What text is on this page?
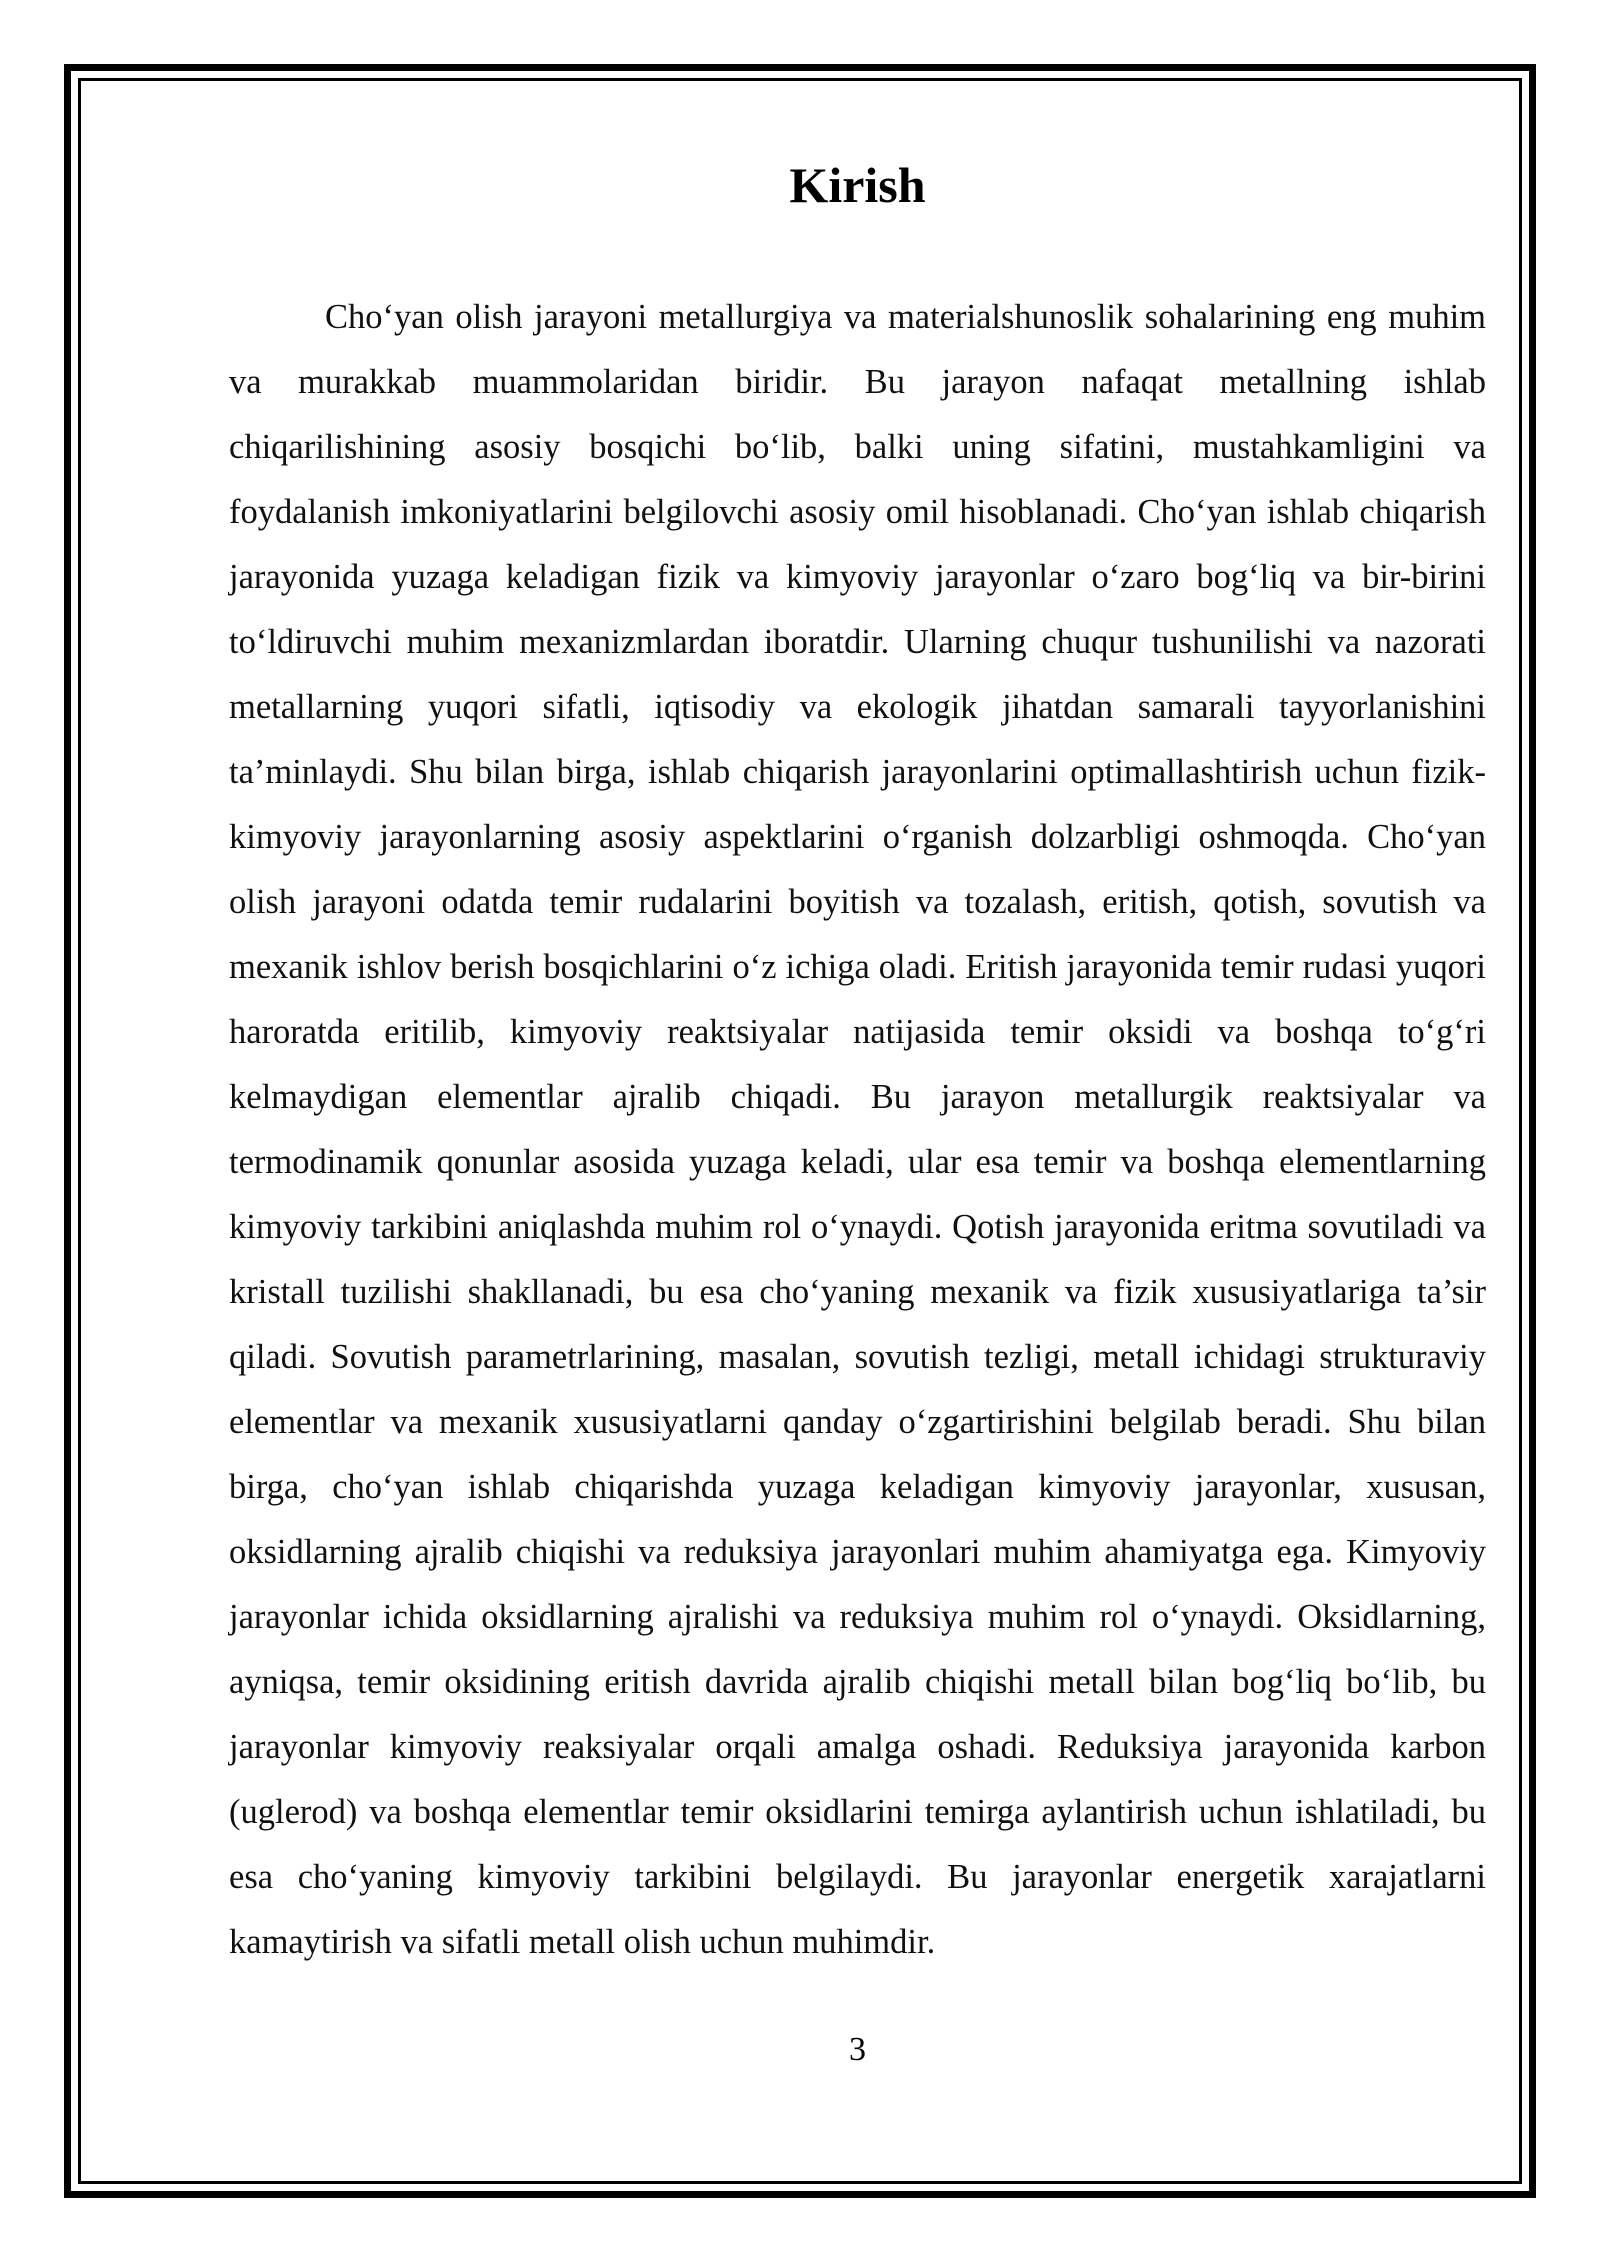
Kirish

Cho‘yan olish jarayoni metallurgiya va materialshunoslik sohalarining eng muhim va murakkab muammolaridan biridir. Bu jarayon nafaqat metallning ishlab chiqarilishining asosiy bosqichi bo‘lib, balki uning sifatini, mustahkamligini va foydalanish imkoniyatlarini belgilovchi asosiy omil hisoblanadi. Cho‘yan ishlab chiqarish jarayonida yuzaga keladigan fizik va kimyoviy jarayonlar o‘zaro bog‘liq va bir-birini to‘ldiruvchi muhim mexanizmlardan iboratdir. Ularning chuqur tushunilishi va nazorati metallarning yuqori sifatli, iqtisodiy va ekologik jihatdan samarali tayyorlanishini ta’minlaydi. Shu bilan birga, ishlab chiqarish jarayonlarini optimallashtirish uchun fizik-kimyoviy jarayonlarning asosiy aspektlarini o‘rganish dolzarbligi oshmoqda. Cho‘yan olish jarayoni odatda temir rudalarini boyitish va tozalash, eritish, qotish, sovutish va mexanik ishlov berish bosqichlarini o‘z ichiga oladi. Eritish jarayonida temir rudasi yuqori haroratda eritilib, kimyoviy reaktsiyalar natijasida temir oksidi va boshqa to‘g‘ri kelmaydigan elementlar ajralib chiqadi. Bu jarayon metallurgik reaktsiyalar va termodinamik qonunlar asosida yuzaga keladi, ular esa temir va boshqa elementlarning kimyoviy tarkibini aniqlashda muhim rol o‘ynaydi. Qotish jarayonida eritma sovutiladi va kristall tuzilishi shakllanadi, bu esa cho‘yaning mexanik va fizik xususiyatlariga ta’sir qiladi. Sovutish parametrlarining, masalan, sovutish tezligi, metall ichidagi strukturaviy elementlar va mexanik xususiyatlarni qanday o‘zgartirishini belgilab beradi. Shu bilan birga, cho‘yan ishlab chiqarishda yuzaga keladigan kimyoviy jarayonlar, xususan, oksidlarning ajralib chiqishi va reduksiya jarayonlari muhim ahamiyatga ega. Kimyoviy jarayonlar ichida oksidlarning ajralishi va reduksiya muhim rol o‘ynaydi. Oksidlarning, ayniqsa, temir oksidining eritish davrida ajralib chiqishi metall bilan bog‘liq bo‘lib, bu jarayonlar kimyoviy reaksiyalar orqali amalga oshadi. Reduksiya jarayonida karbon (uglerod) va boshqa elementlar temir oksidlarini temirga aylantirish uchun ishlatiladi, bu esa cho‘yaning kimyoviy tarkibini belgilaydi. Bu jarayonlar energetik xarajatlarni kamaytirish va sifatli metall olish uchun muhimdir.

3
